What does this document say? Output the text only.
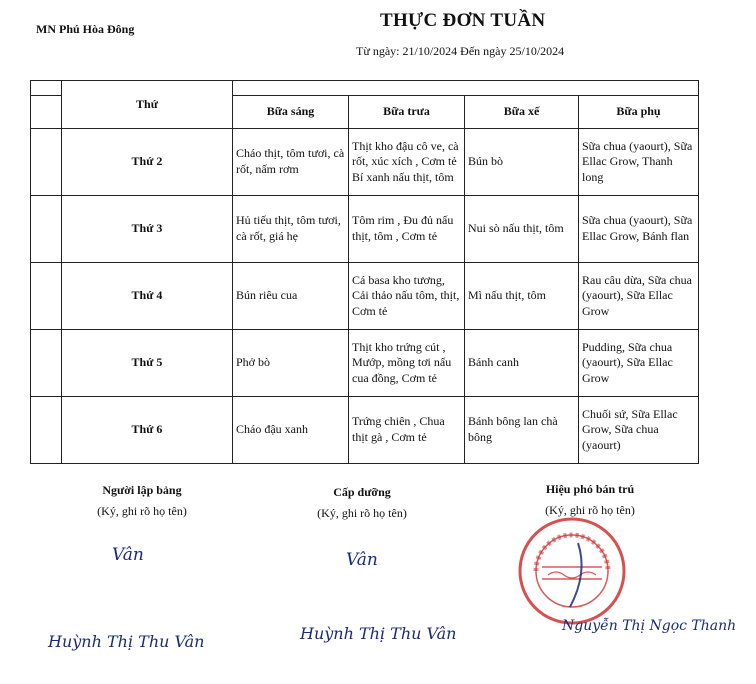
MN Phú Hòa Đông	THỰC ĐƠN TUẦN
Từ ngày: 21/10/2024 Đến ngày 25/10/2024
	Thứ				
		Bữa sáng	Bữa trưa	Bữa xế	Bữa phụ
	Thứ 2	Cháo thịt, tôm tươi, cà rốt, nấm rơm	Thịt kho đậu cô ve, cà rốt, xúc xích , Cơm tẻ Bí xanh nấu thịt, tôm	Bún bò	Sữa chua (yaourt), Sữa Ellac Grow, Thanh long
	Thứ 3	Hủ tiếu thịt, tôm tươi, cà rốt, giá hẹ	Tôm rim , Đu đủ nấu thịt, tôm , Cơm tẻ	Nui sò nấu thịt, tôm	Sữa chua (yaourt), Sữa Ellac Grow, Bánh flan
	Thứ 4	Bún riêu cua	Cá basa kho tương, Cải thảo nấu tôm, thịt, Cơm tẻ	Mì nấu thịt, tôm	Rau câu dừa, Sữa chua (yaourt), Sữa Ellac Grow
	Thứ 5	Phở bò	Thịt kho trứng cút , Mướp, mồng tơi nấu cua đồng, Cơm tẻ	Bánh canh	Pudding, Sữa chua (yaourt), Sữa Ellac Grow
	Thứ 6	Cháo đậu xanh	Trứng chiên , Chua thịt gà , Cơm tẻ	Bánh bông lan chà bông	Chuối sứ, Sữa Ellac Grow, Sữa chua (yaourt)
Người lập bảng
(Ký, ghi rõ họ tên)
Cấp dưỡng
(Ký, ghi rõ họ tên)
Hiệu phó bán trú
(Ký, ghi rõ họ tên)
Vân
Huỳnh Thị Thu Vân
Vân
Huỳnh Thị Thu Vân	Nguyễn Thị Ngọc Thanh
